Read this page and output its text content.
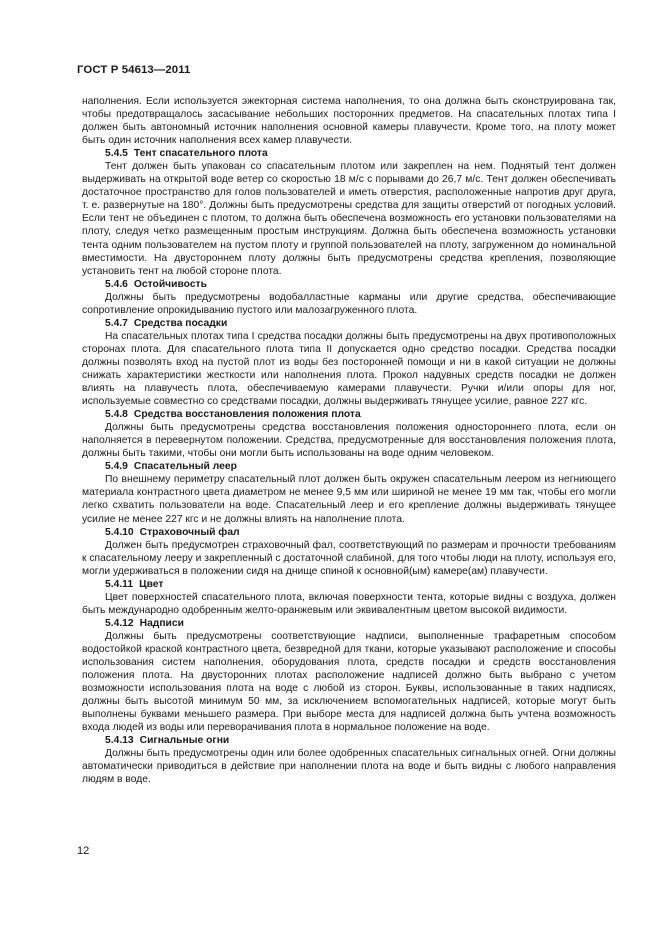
ГОСТ Р 54613—2011

наполнения. Если используется эжекторная система наполнения, то она должна быть сконструирована так, чтобы предотвращалось засасывание небольших посторонних предметов. На спасательных плотах типа I должен быть автономный источник наполнения основной камеры плавучести. Кроме того, на плоту может быть один источник наполнения всех камер плавучести.

5.4.5 Тент спасательного плота

Тент должен быть упакован со спасательным плотом или закреплен на нем. Поднятый тент должен выдерживать на открытой воде ветер со скоростью 18 м/с с порывами до 26,7 м/с. Тент должен обеспечивать достаточное пространство для голов пользователей и иметь отверстия, расположенные напротив друг друга, т. е. развернутые на 180°. Должны быть предусмотрены средства для защиты отверстий от погодных условий. Если тент не объединен с плотом, то должна быть обеспечена возможность его установки пользователями на плоту, следуя четко размещенным простым инструкциям. Должна быть обеспечена возможность установки тента одним пользователем на пустом плоту и группой пользователей на плоту, загруженном до номинальной вместимости. На двустороннем плоту должны быть предусмотрены средства крепления, позволяющие установить тент на любой стороне плота.

5.4.6 Остойчивость

Должны быть предусмотрены водобалластные карманы или другие средства, обеспечивающие сопротивление опрокидыванию пустого или малозагруженного плота.

5.4.7 Средства посадки

На спасательных плотах типа I средства посадки должны быть предусмотрены на двух противоположных сторонах плота. Для спасательного плота типа II допускается одно средство посадки. Средства посадки должны позволять вход на пустой плот из воды без посторонней помощи и ни в какой ситуации не должны снижать характеристики жесткости или наполнения плота. Прокол надувных средств посадки не должен влиять на плавучесть плота, обеспечиваемую камерами плавучести. Ручки и/или опоры для ног, используемые совместно со средствами посадки, должны выдерживать тянущее усилие, равное 227 кгс.

5.4.8 Средства восстановления положения плота

Должны быть предусмотрены средства восстановления положения одностороннего плота, если он наполняется в перевернутом положении. Средства, предусмотренные для восстановления положения плота, должны быть такими, чтобы они могли быть использованы на воде одним человеком.

5.4.9 Спасательный леер

По внешнему периметру спасательный плот должен быть окружен спасательным леером из негниющего материала контрастного цвета диаметром не менее 9,5 мм или шириной не менее 19 мм так, чтобы его могли легко схватить пользователи на воде. Спасательный леер и его крепление должны выдерживать тянущее усилие не менее 227 кгс и не должны влиять на наполнение плота.

5.4.10 Страховочный фал

Должен быть предусмотрен страховочный фал, соответствующий по размерам и прочности требованиям к спасательному лееру и закрепленный с достаточной слабиной, для того чтобы люди на плоту, используя его, могли удерживаться в положении сидя на днище спиной к основной(ым) камере(ам) плавучести.

5.4.11 Цвет

Цвет поверхностей спасательного плота, включая поверхности тента, которые видны с воздуха, должен быть международно одобренным желто-оранжевым или эквивалентным цветом высокой видимости.

5.4.12 Надписи

Должны быть предусмотрены соответствующие надписи, выполненные трафаретным способом водостойкой краской контрастного цвета, безвредной для ткани, которые указывают расположение и способы использования систем наполнения, оборудования плота, средств посадки и средств восстановления положения плота. На двусторонних плотах расположение надписей должно быть выбрано с учетом возможности использования плота на воде с любой из сторон. Буквы, использованные в таких надписях, должны быть высотой минимум 50 мм, за исключением вспомогательных надписей, которые могут быть выполнены буквами меньшего размера. При выборе места для надписей должна быть учтена возможность входа людей из воды или переворачивания плота в нормальное положение на воде.

5.4.13 Сигнальные огни

Должны быть предусмотрены один или более одобренных спасательных сигнальных огней. Огни должны автоматически приводиться в действие при наполнении плота на воде и быть видны с любого направления людям в воде.

12
